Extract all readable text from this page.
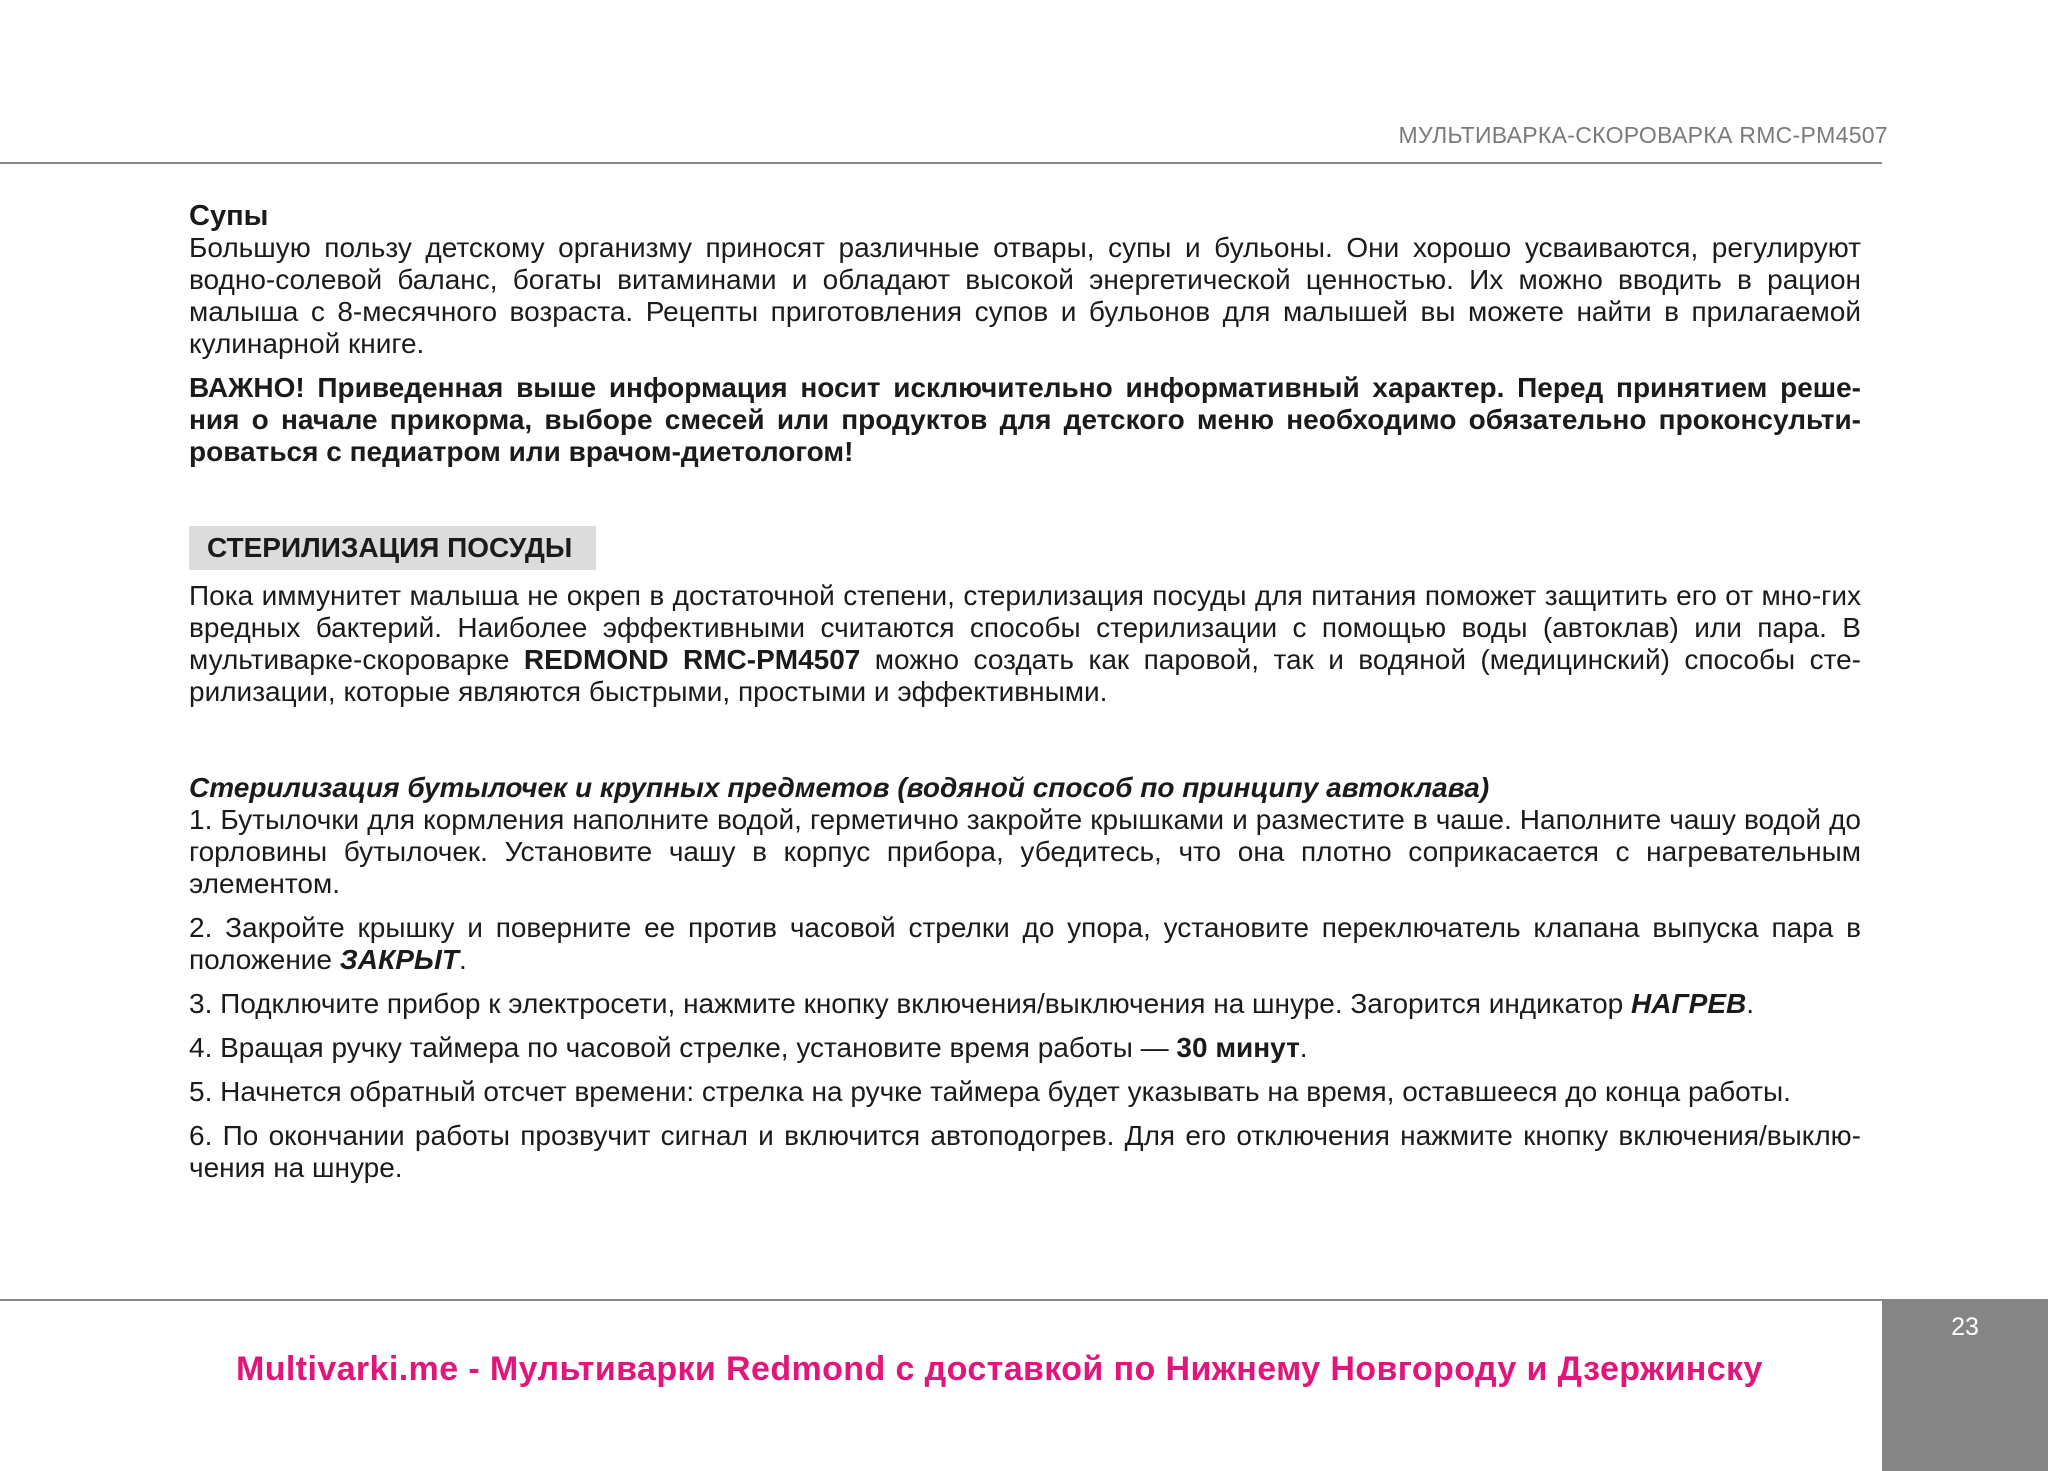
МУЛЬТИВАРКА-СКОРОВАРКА RMC-PM4507

Супы

Большую пользу детскому организму приносят различные отвары, супы и бульоны. Они хорошо усваиваются, регулируют водно-солевой баланс, богаты витаминами и обладают высокой энергетической ценностью. Их можно вводить в рацион малыша с 8-месячного возраста. Рецепты приготовления супов и бульонов для малышей вы можете найти в прилагаемой кулинарной книге.

ВАЖНО! Приведенная выше информация носит исключительно информативный характер. Перед принятием реше-ния о начале прикорма, выборе смесей или продуктов для детского меню необходимо обязательно проконсульти-роваться с педиатром или врачом-диетологом!

СТЕРИЛИЗАЦИЯ ПОСУДЫ

Пока иммунитет малыша не окреп в достаточной степени, стерилизация посуды для питания поможет защитить его от мно-гих вредных бактерий. Наиболее эффективными считаются способы стерилизации с помощью воды (автоклав) или пара. В мультиварке-скороварке REDMOND RMC-PM4507 можно создать как паровой, так и водяной (медицинский) способы сте-рилизации, которые являются быстрыми, простыми и эффективными.

Стерилизация бутылочек и крупных предметов (водяной способ по принципу автоклава)

1. Бутылочки для кормления наполните водой, герметично закройте крышками и разместите в чаше. Наполните чашу водой до горловины бутылочек. Установите чашу в корпус прибора, убедитесь, что она плотно соприкасается с нагревательным элементом.

2. Закройте крышку и поверните ее против часовой стрелки до упора, установите переключатель клапана выпуска пара в положение ЗАКРЫТ.

3. Подключите прибор к электросети, нажмите кнопку включения/выключения на шнуре. Загорится индикатор НАГРЕВ.

4. Вращая ручку таймера по часовой стрелке, установите время работы — 30 минут.

5. Начнется обратный отсчет времени: стрелка на ручке таймера будет указывать на время, оставшееся до конца работы.

6. По окончании работы прозвучит сигнал и включится автоподогрев. Для его отключения нажмите кнопку включения/выклю-чения на шнуре.

23
Multivarki.me - Мультиварки Redmond с доставкой по Нижнему Новгороду и Дзержинску
